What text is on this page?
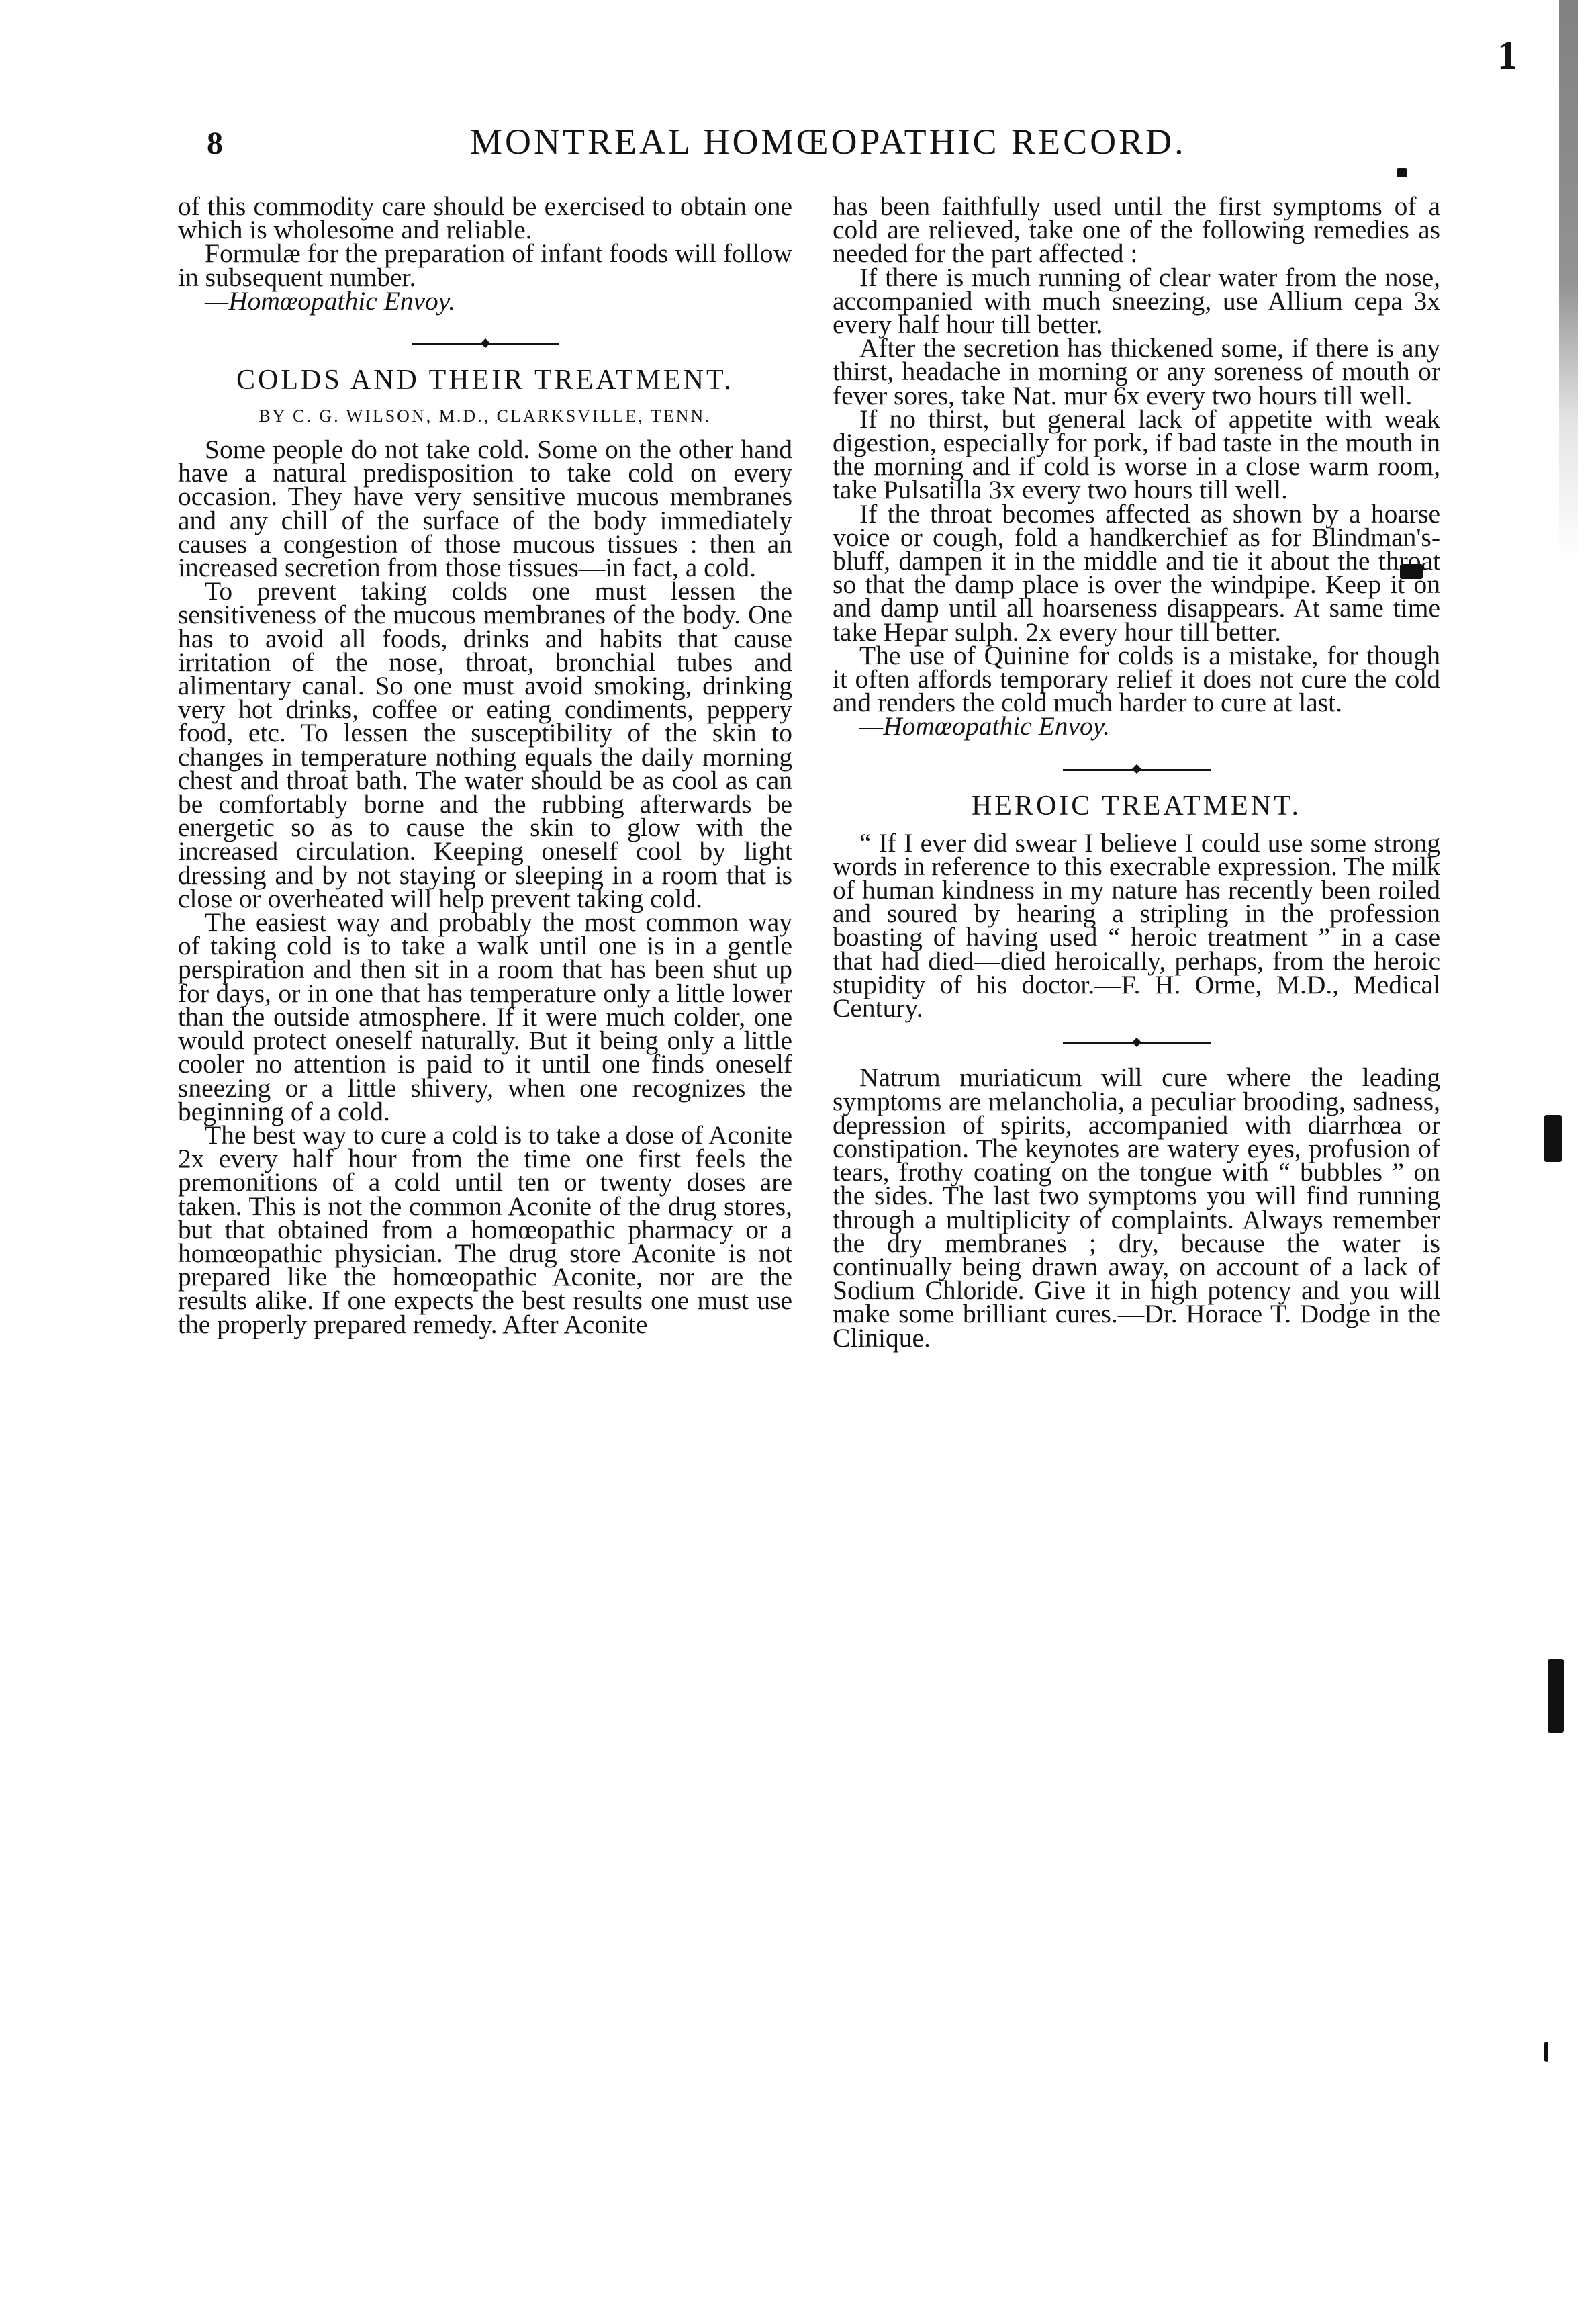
8	MONTREAL HOMŒOPATHIC RECORD.
1

of this commodity care should be exercised to obtain one which is wholesome and reliable.

Formulæ for the preparation of infant foods will follow in subsequent number.

—Homœopathic Envoy.

COLDS AND THEIR TREATMENT.
BY C. G. WILSON, M.D., CLARKSVILLE, TENN.

Some people do not take cold. Some on the other hand have a natural predisposition to take cold on every occasion. They have very sensitive mucous membranes and any chill of the surface of the body immediately causes a congestion of those mucous tissues : then an increased secretion from those tissues—in fact, a cold.

To prevent taking colds one must lessen the sensitiveness of the mucous membranes of the body. One has to avoid all foods, drinks and habits that cause irritation of the nose, throat, bronchial tubes and alimentary canal. So one must avoid smoking, drinking very hot drinks, coffee or eating condiments, peppery food, etc. To lessen the susceptibility of the skin to changes in temperature nothing equals the daily morning chest and throat bath. The water should be as cool as can be comfortably borne and the rubbing afterwards be energetic so as to cause the skin to glow with the increased circulation. Keeping oneself cool by light dressing and by not staying or sleeping in a room that is close or overheated will help prevent taking cold.

The easiest way and probably the most common way of taking cold is to take a walk until one is in a gentle perspiration and then sit in a room that has been shut up for days, or in one that has temperature only a little lower than the outside atmosphere. If it were much colder, one would protect oneself naturally. But it being only a little cooler no attention is paid to it until one finds oneself sneezing or a little shivery, when one recognizes the beginning of a cold.

The best way to cure a cold is to take a dose of Aconite 2x every half hour from the time one first feels the premonitions of a cold until ten or twenty doses are taken. This is not the common Aconite of the drug stores, but that obtained from a homœopathic pharmacy or a homœopathic physician. The drug store Aconite is not prepared like the homœopathic Aconite, nor are the results alike. If one expects the best results one must use the properly prepared remedy. After Aconite

has been faithfully used until the first symptoms of a cold are relieved, take one of the following remedies as needed for the part affected :

If there is much running of clear water from the nose, accompanied with much sneezing, use Allium cepa 3x every half hour till better.

After the secretion has thickened some, if there is any thirst, headache in morning or any soreness of mouth or fever sores, take Nat. mur 6x every two hours till well.

If no thirst, but general lack of appetite with weak digestion, especially for pork, if bad taste in the mouth in the morning and if cold is worse in a close warm room, take Pulsatilla 3x every two hours till well.

If the throat becomes affected as shown by a hoarse voice or cough, fold a handkerchief as for Blindman's-bluff, dampen it in the middle and tie it about the throat so that the damp place is over the windpipe. Keep it on and damp until all hoarseness disappears. At same time take Hepar sulph. 2x every hour till better.

The use of Quinine for colds is a mistake, for though it often affords temporary relief it does not cure the cold and renders the cold much harder to cure at last.

—Homœopathic Envoy.

HEROIC TREATMENT.

“ If I ever did swear I believe I could use some strong words in reference to this execrable expression. The milk of human kindness in my nature has recently been roiled and soured by hearing a stripling in the profession boasting of having used “ heroic treatment ” in a case that had died—died heroically, perhaps, from the heroic stupidity of his doctor.—F. H. Orme, M.D., Medical Century.

Natrum muriaticum will cure where the leading symptoms are melancholia, a peculiar brooding, sadness, depression of spirits, accompanied with diarrhœa or constipation. The keynotes are watery eyes, profusion of tears, frothy coating on the tongue with “ bubbles ” on the sides. The last two symptoms you will find running through a multiplicity of complaints. Always remember the dry membranes ; dry, because the water is continually being drawn away, on account of a lack of Sodium Chloride. Give it in high potency and you will make some brilliant cures.—Dr. Horace T. Dodge in the Clinique.
